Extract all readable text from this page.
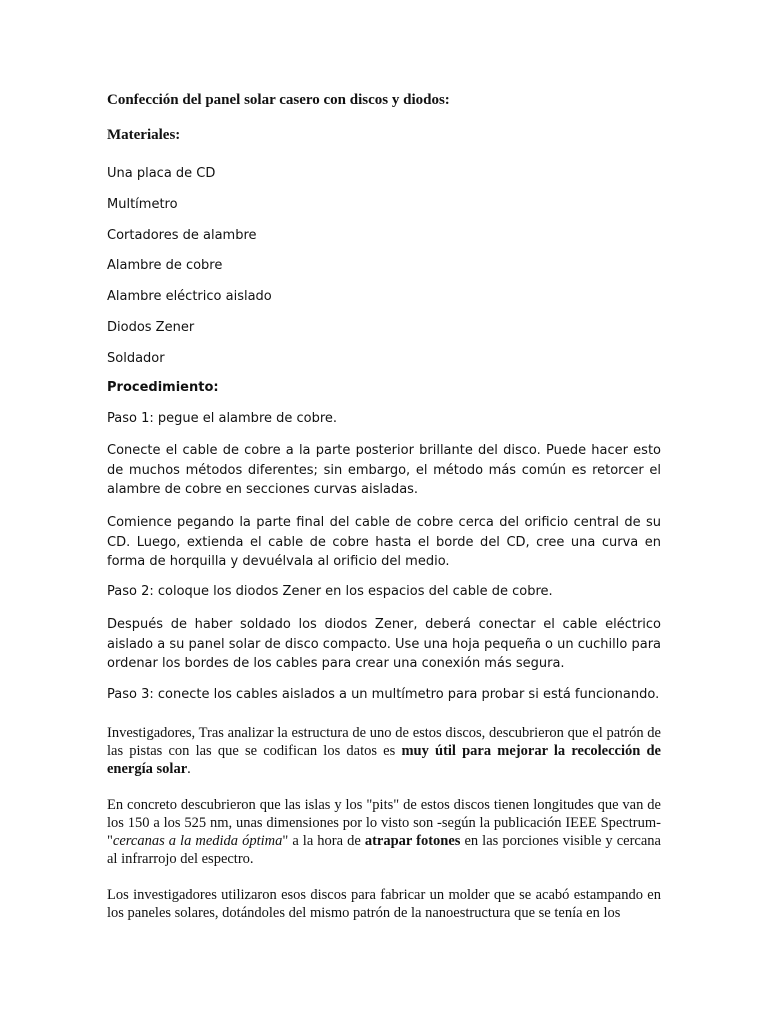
Confección del panel solar casero con discos y diodos:
Materiales:
Una placa de CD
Multímetro
Cortadores de alambre
Alambre de cobre
Alambre eléctrico aislado
Diodos Zener
Soldador
Procedimiento:
Paso 1: pegue el alambre de cobre.
Conecte el cable de cobre a la parte posterior brillante del disco. Puede hacer esto de muchos métodos diferentes; sin embargo, el método más común es retorcer el alambre de cobre en secciones curvas aisladas.
Comience pegando la parte final del cable de cobre cerca del orificio central de su CD. Luego, extienda el cable de cobre hasta el borde del CD, cree una curva en forma de horquilla y devuélvala al orificio del medio.
Paso 2: coloque los diodos Zener en los espacios del cable de cobre.
Después de haber soldado los diodos Zener, deberá conectar el cable eléctrico aislado a su panel solar de disco compacto. Use una hoja pequeña o un cuchillo para ordenar los bordes de los cables para crear una conexión más segura.
Paso 3: conecte los cables aislados a un multímetro para probar si está funcionando.
Investigadores, Tras analizar la estructura de uno de estos discos, descubrieron que el patrón de las pistas con las que se codifican los datos es muy útil para mejorar la recolección de energía solar.
En concreto descubrieron que las islas y los "pits" de estos discos tienen longitudes que van de los 150 a los 525 nm, unas dimensiones por lo visto son -según la publicación IEEE Spectrum- "cercanas a la medida óptima" a la hora de atrapar fotones en las porciones visible y cercana al infrarrojo del espectro.
Los investigadores utilizaron esos discos para fabricar un molder que se acabó estampando en los paneles solares, dotándoles del mismo patrón de la nanoestructura que se tenía en los
